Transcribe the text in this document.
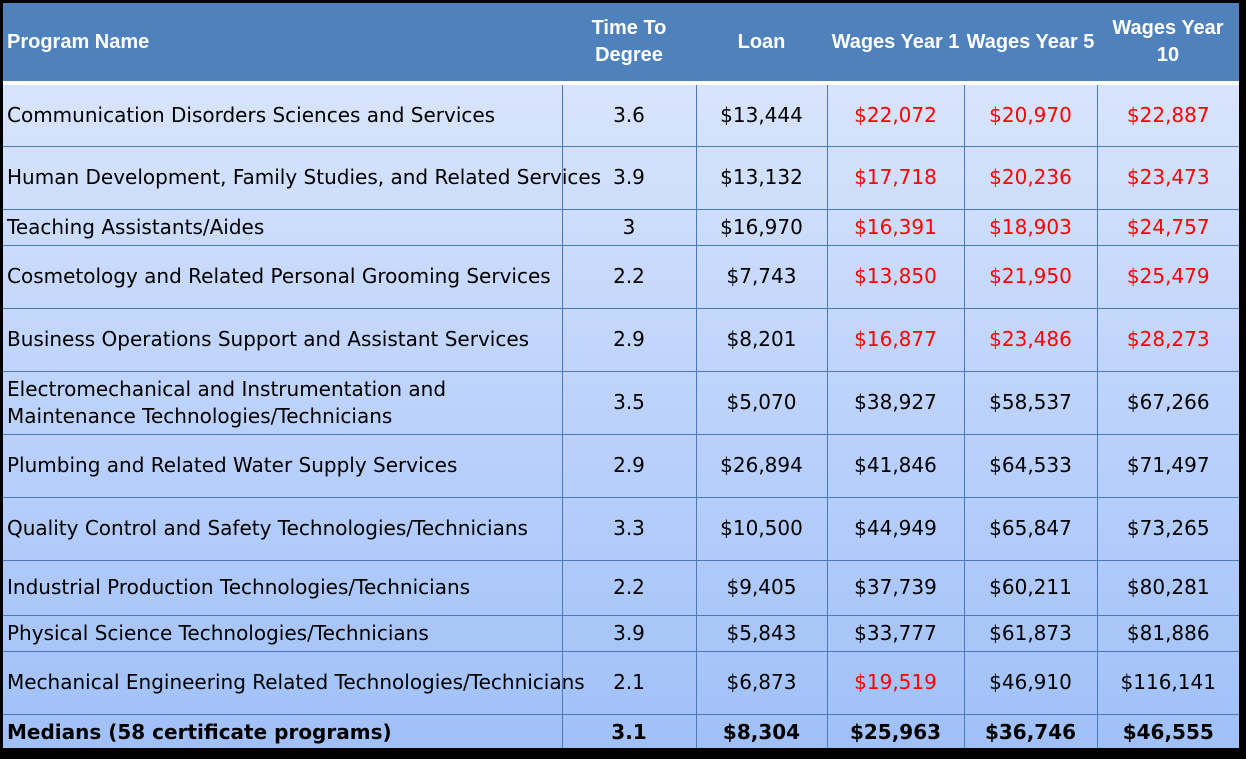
Program Name	Time To Degree	Loan	Wages Year 1	Wages Year 5	Wages Year 10
Communication Disorders Sciences and Services	3.6	$13,444	$22,072	$20,970	$22,887
Human Development, Family Studies, and Related Services	3.9	$13,132	$17,718	$20,236	$23,473
Teaching Assistants/Aides	3	$16,970	$16,391	$18,903	$24,757
Cosmetology and Related Personal Grooming Services	2.2	$7,743	$13,850	$21,950	$25,479
Business Operations Support and Assistant Services	2.9	$8,201	$16,877	$23,486	$28,273
Electromechanical and Instrumentation and Maintenance Technologies/Technicians	3.5	$5,070	$38,927	$58,537	$67,266
Plumbing and Related Water Supply Services	2.9	$26,894	$41,846	$64,533	$71,497
Quality Control and Safety Technologies/Technicians	3.3	$10,500	$44,949	$65,847	$73,265
Industrial Production Technologies/Technicians	2.2	$9,405	$37,739	$60,211	$80,281
Physical Science Technologies/Technicians	3.9	$5,843	$33,777	$61,873	$81,886
Mechanical Engineering Related Technologies/Technicians	2.1	$6,873	$19,519	$46,910	$116,141
Medians (58 certificate programs)	3.1	$8,304	$25,963	$36,746	$46,555
